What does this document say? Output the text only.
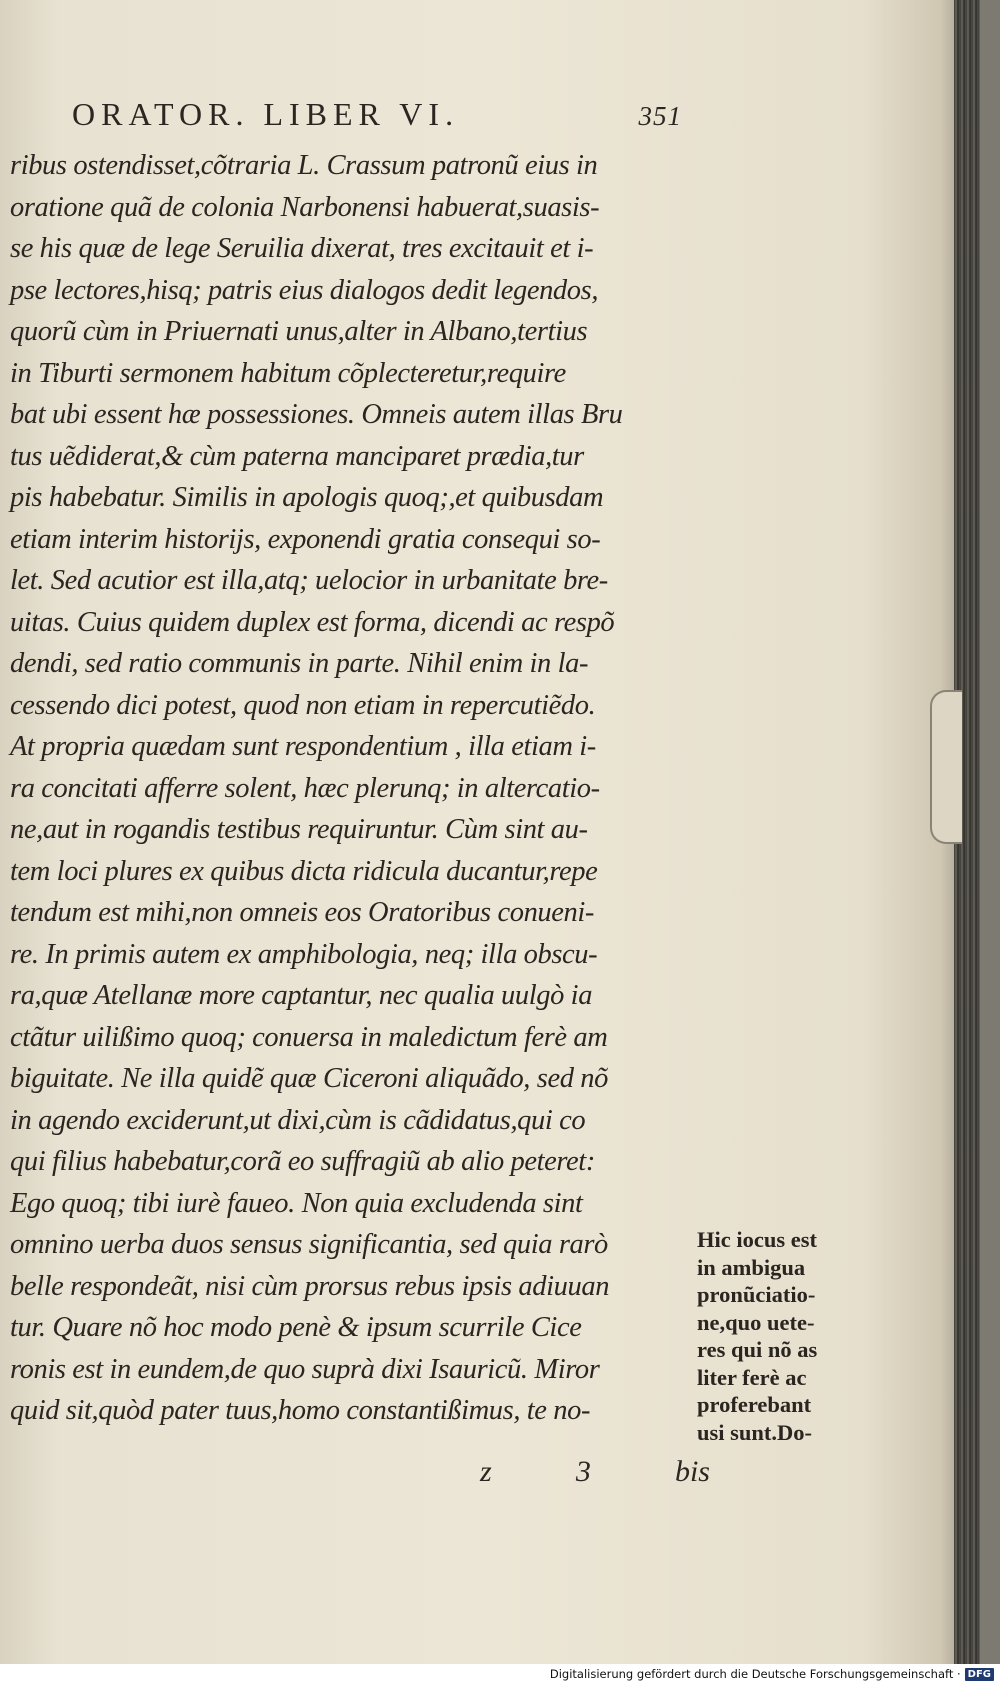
ORATOR. LIBER VI.	351
ribus ostendisset,cõtraria L. Crassum patronũ eius in
oratione quã de colonia Narbonensi habuerat,suasis-
se his quæ de lege Seruilia dixerat, tres excitauit et i-
pse lectores,hisq; patris eius dialogos dedit legendos,
quorũ cùm in Priuernati unus,alter in Albano,tertius
in Tiburti sermonem habitum cõplecteretur,require
bat ubi essent hæ possessiones. Omneis autem illas Bru
tus uẽdiderat,& cùm paterna manciparet prædia,tur
pis habebatur. Similis in apologis quoq;,et quibusdam
etiam interim historijs, exponendi gratia consequi so-
let. Sed acutior est illa,atq; uelocior in urbanitate bre-
uitas. Cuius quidem duplex est forma, dicendi ac respõ
dendi, sed ratio communis in parte. Nihil enim in la-
cessendo dici potest, quod non etiam in repercutiẽdo.
At propria quædam sunt respondentium , illa etiam i-
ra concitati afferre solent, hæc plerunq; in altercatio-
ne,aut in rogandis testibus requiruntur. Cùm sint au-
tem loci plures ex quibus dicta ridicula ducantur,repe
tendum est mihi,non omneis eos Oratoribus conueni-
re. In primis autem ex amphibologia, neq; illa obscu-
ra,quæ Atellanæ more captantur, nec qualia uulgò ia
ctãtur uilißimo quoq; conuersa in maledictum ferè am
biguitate. Ne illa quidẽ quæ Ciceroni aliquãdo, sed nõ
in agendo exciderunt,ut dixi,cùm is cãdidatus,qui co
qui filius habebatur,corã eo suffragiũ ab alio peteret:
Ego quoq; tibi iurè faueo. Non quia excludenda sint
omnino uerba duos sensus significantia, sed quia rarò
belle respondeãt, nisi cùm prorsus rebus ipsis adiuuan
tur. Quare nõ hoc modo penè & ipsum scurrile Cice
ronis est in eundem,de quo suprà dixi Isauricũ. Miror
quid sit,quòd pater tuus,homo constantißimus, te no-
Hic iocus est
in ambigua
pronũciatio-
ne,quo uete-
res qui nõ as
liter ferè ac
proferebant
usi sunt.Do-
z	3	bis
Digitalisierung gefördert durch die Deutsche Forschungsgemeinschaft · DFG
